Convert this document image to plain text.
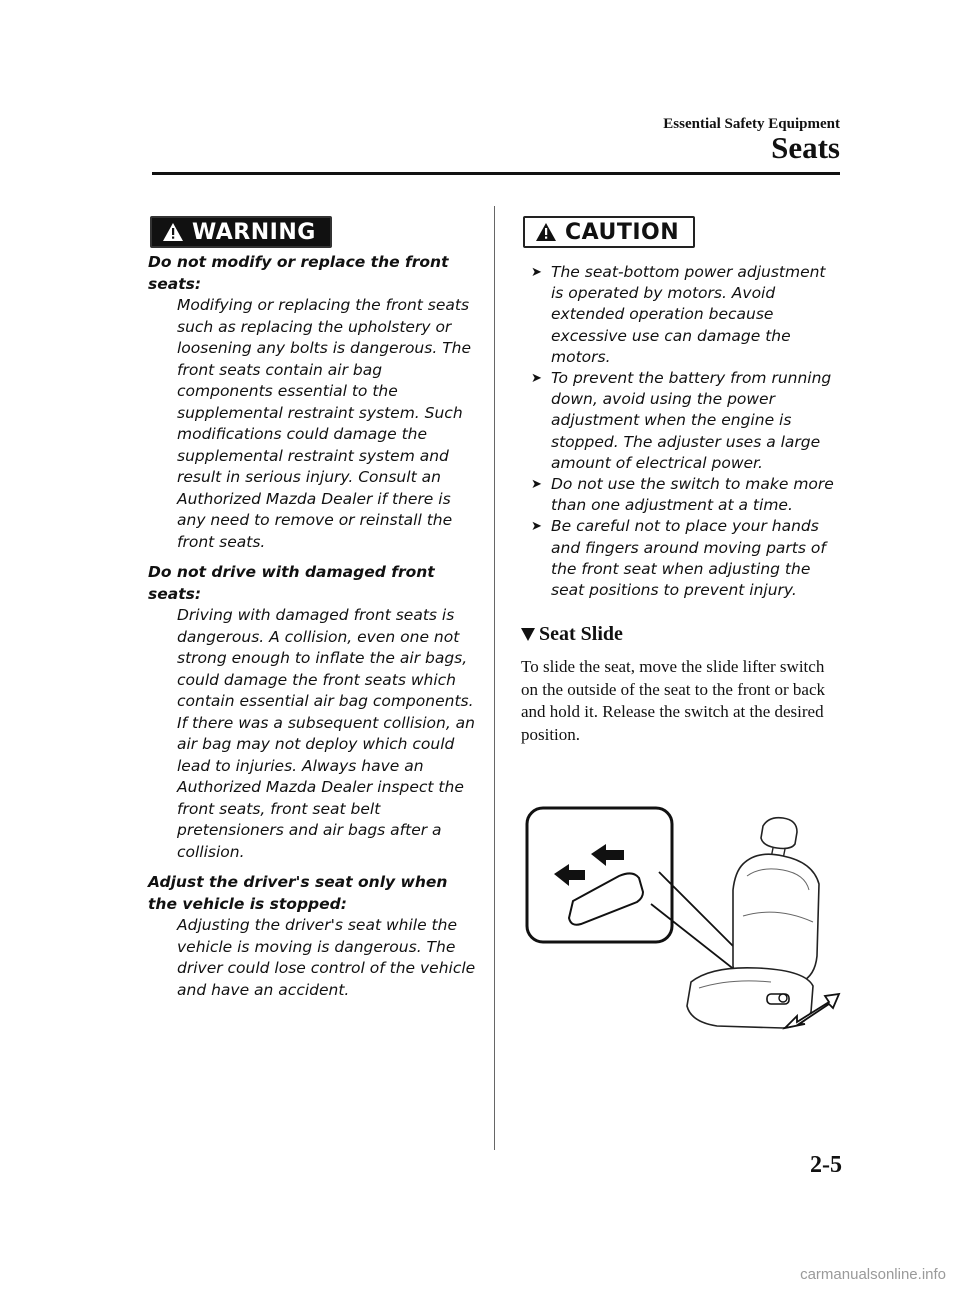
Essential Safety Equipment
Seats
WARNING
Do not modify or replace the front seats:
Modifying or replacing the front seats such as replacing the upholstery or loosening any bolts is dangerous. The front seats contain air bag components essential to the supplemental restraint system. Such modifications could damage the supplemental restraint system and result in serious injury. Consult an Authorized Mazda Dealer if there is any need to remove or reinstall the front seats.
Do not drive with damaged front seats:
Driving with damaged front seats is dangerous. A collision, even one not strong enough to inflate the air bags, could damage the front seats which contain essential air bag components. If there was a subsequent collision, an air bag may not deploy which could lead to injuries. Always have an Authorized Mazda Dealer inspect the front seats, front seat belt pretensioners and air bags after a collision.
Adjust the driver's seat only when the vehicle is stopped:
Adjusting the driver's seat while the vehicle is moving is dangerous. The driver could lose control of the vehicle and have an accident.
CAUTION
➤ The seat-bottom power adjustment is operated by motors. Avoid extended operation because excessive use can damage the motors.
➤ To prevent the battery from running down, avoid using the power adjustment when the engine is stopped. The adjuster uses a large amount of electrical power.
➤ Do not use the switch to make more than one adjustment at a time.
➤ Be careful not to place your hands and fingers around moving parts of the front seat when adjusting the seat positions to prevent injury.
Seat Slide
To slide the seat, move the slide lifter switch on the outside of the seat to the front or back and hold it. Release the switch at the desired position.
2-5
carmanualsonline.info
